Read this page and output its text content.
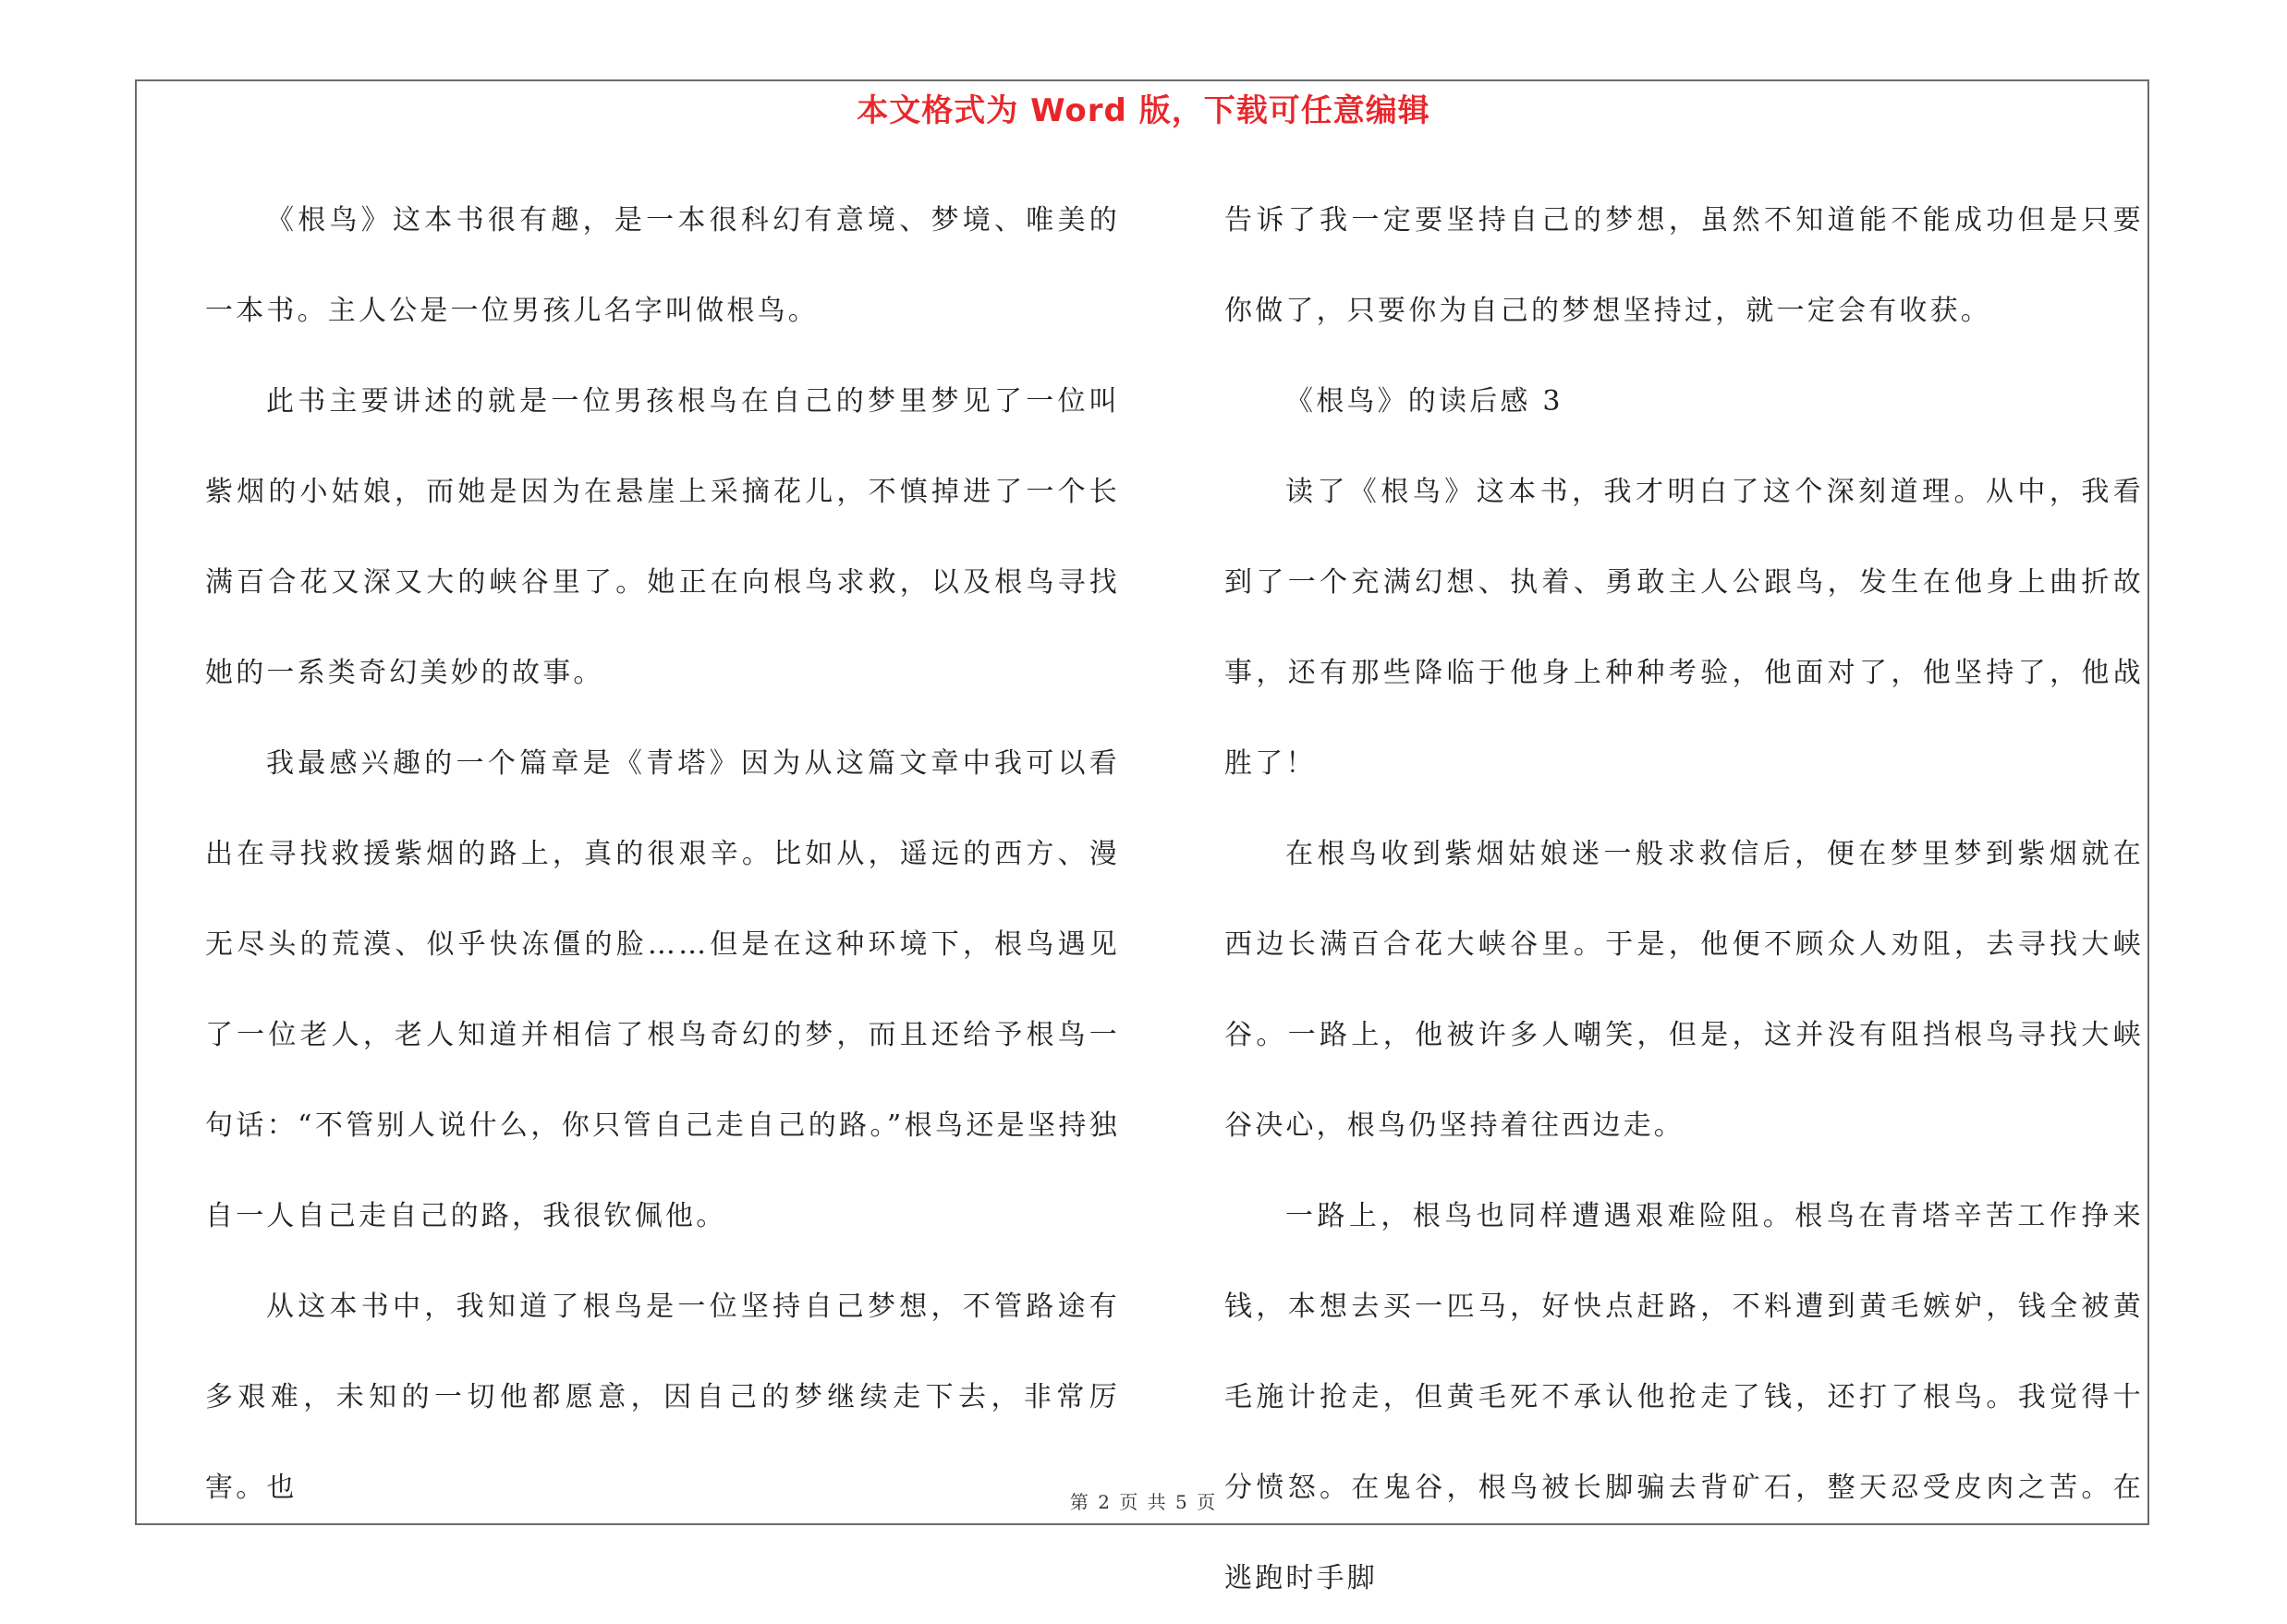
本文格式为 Word 版，下载可任意编辑

《根鸟》这本书很有趣，是一本很科幻有意境、梦境、唯美的一本书。主人公是一位男孩儿名字叫做根鸟。

此书主要讲述的就是一位男孩根鸟在自己的梦里梦见了一位叫紫烟的小姑娘，而她是因为在悬崖上采摘花儿，不慎掉进了一个长满百合花又深又大的峡谷里了。她正在向根鸟求救，以及根鸟寻找她的一系类奇幻美妙的故事。

我最感兴趣的一个篇章是《青塔》因为从这篇文章中我可以看出在寻找救援紫烟的路上，真的很艰辛。比如从，遥远的西方、漫无尽头的荒漠、似乎快冻僵的脸……但是在这种环境下，根鸟遇见了一位老人，老人知道并相信了根鸟奇幻的梦，而且还给予根鸟一句话：“不管别人说什么，你只管自己走自己的路。”根鸟还是坚持独自一人自己走自己的路，我很钦佩他。

从这本书中，我知道了根鸟是一位坚持自己梦想，不管路途有多艰难，未知的一切他都愿意，因自己的梦继续走下去，非常厉害。也

告诉了我一定要坚持自己的梦想，虽然不知道能不能成功但是只要你做了，只要你为自己的梦想坚持过，就一定会有收获。

《根鸟》的读后感 3

读了《根鸟》这本书，我才明白了这个深刻道理。从中，我看到了一个充满幻想、执着、勇敢主人公跟鸟，发生在他身上曲折故事，还有那些降临于他身上种种考验，他面对了，他坚持了，他战胜了！

在根鸟收到紫烟姑娘迷一般求救信后，便在梦里梦到紫烟就在西边长满百合花大峡谷里。于是，他便不顾众人劝阻，去寻找大峡谷。一路上，他被许多人嘲笑，但是，这并没有阻挡根鸟寻找大峡谷决心，根鸟仍坚持着往西边走。

一路上，根鸟也同样遭遇艰难险阻。根鸟在青塔辛苦工作挣来钱，本想去买一匹马，好快点赶路，不料遭到黄毛嫉妒，钱全被黄毛施计抢走，但黄毛死不承认他抢走了钱，还打了根鸟。我觉得十分愤怒。在鬼谷，根鸟被长脚骗去背矿石，整天忍受皮肉之苦。在逃跑时手脚

第 2 页 共 5 页
